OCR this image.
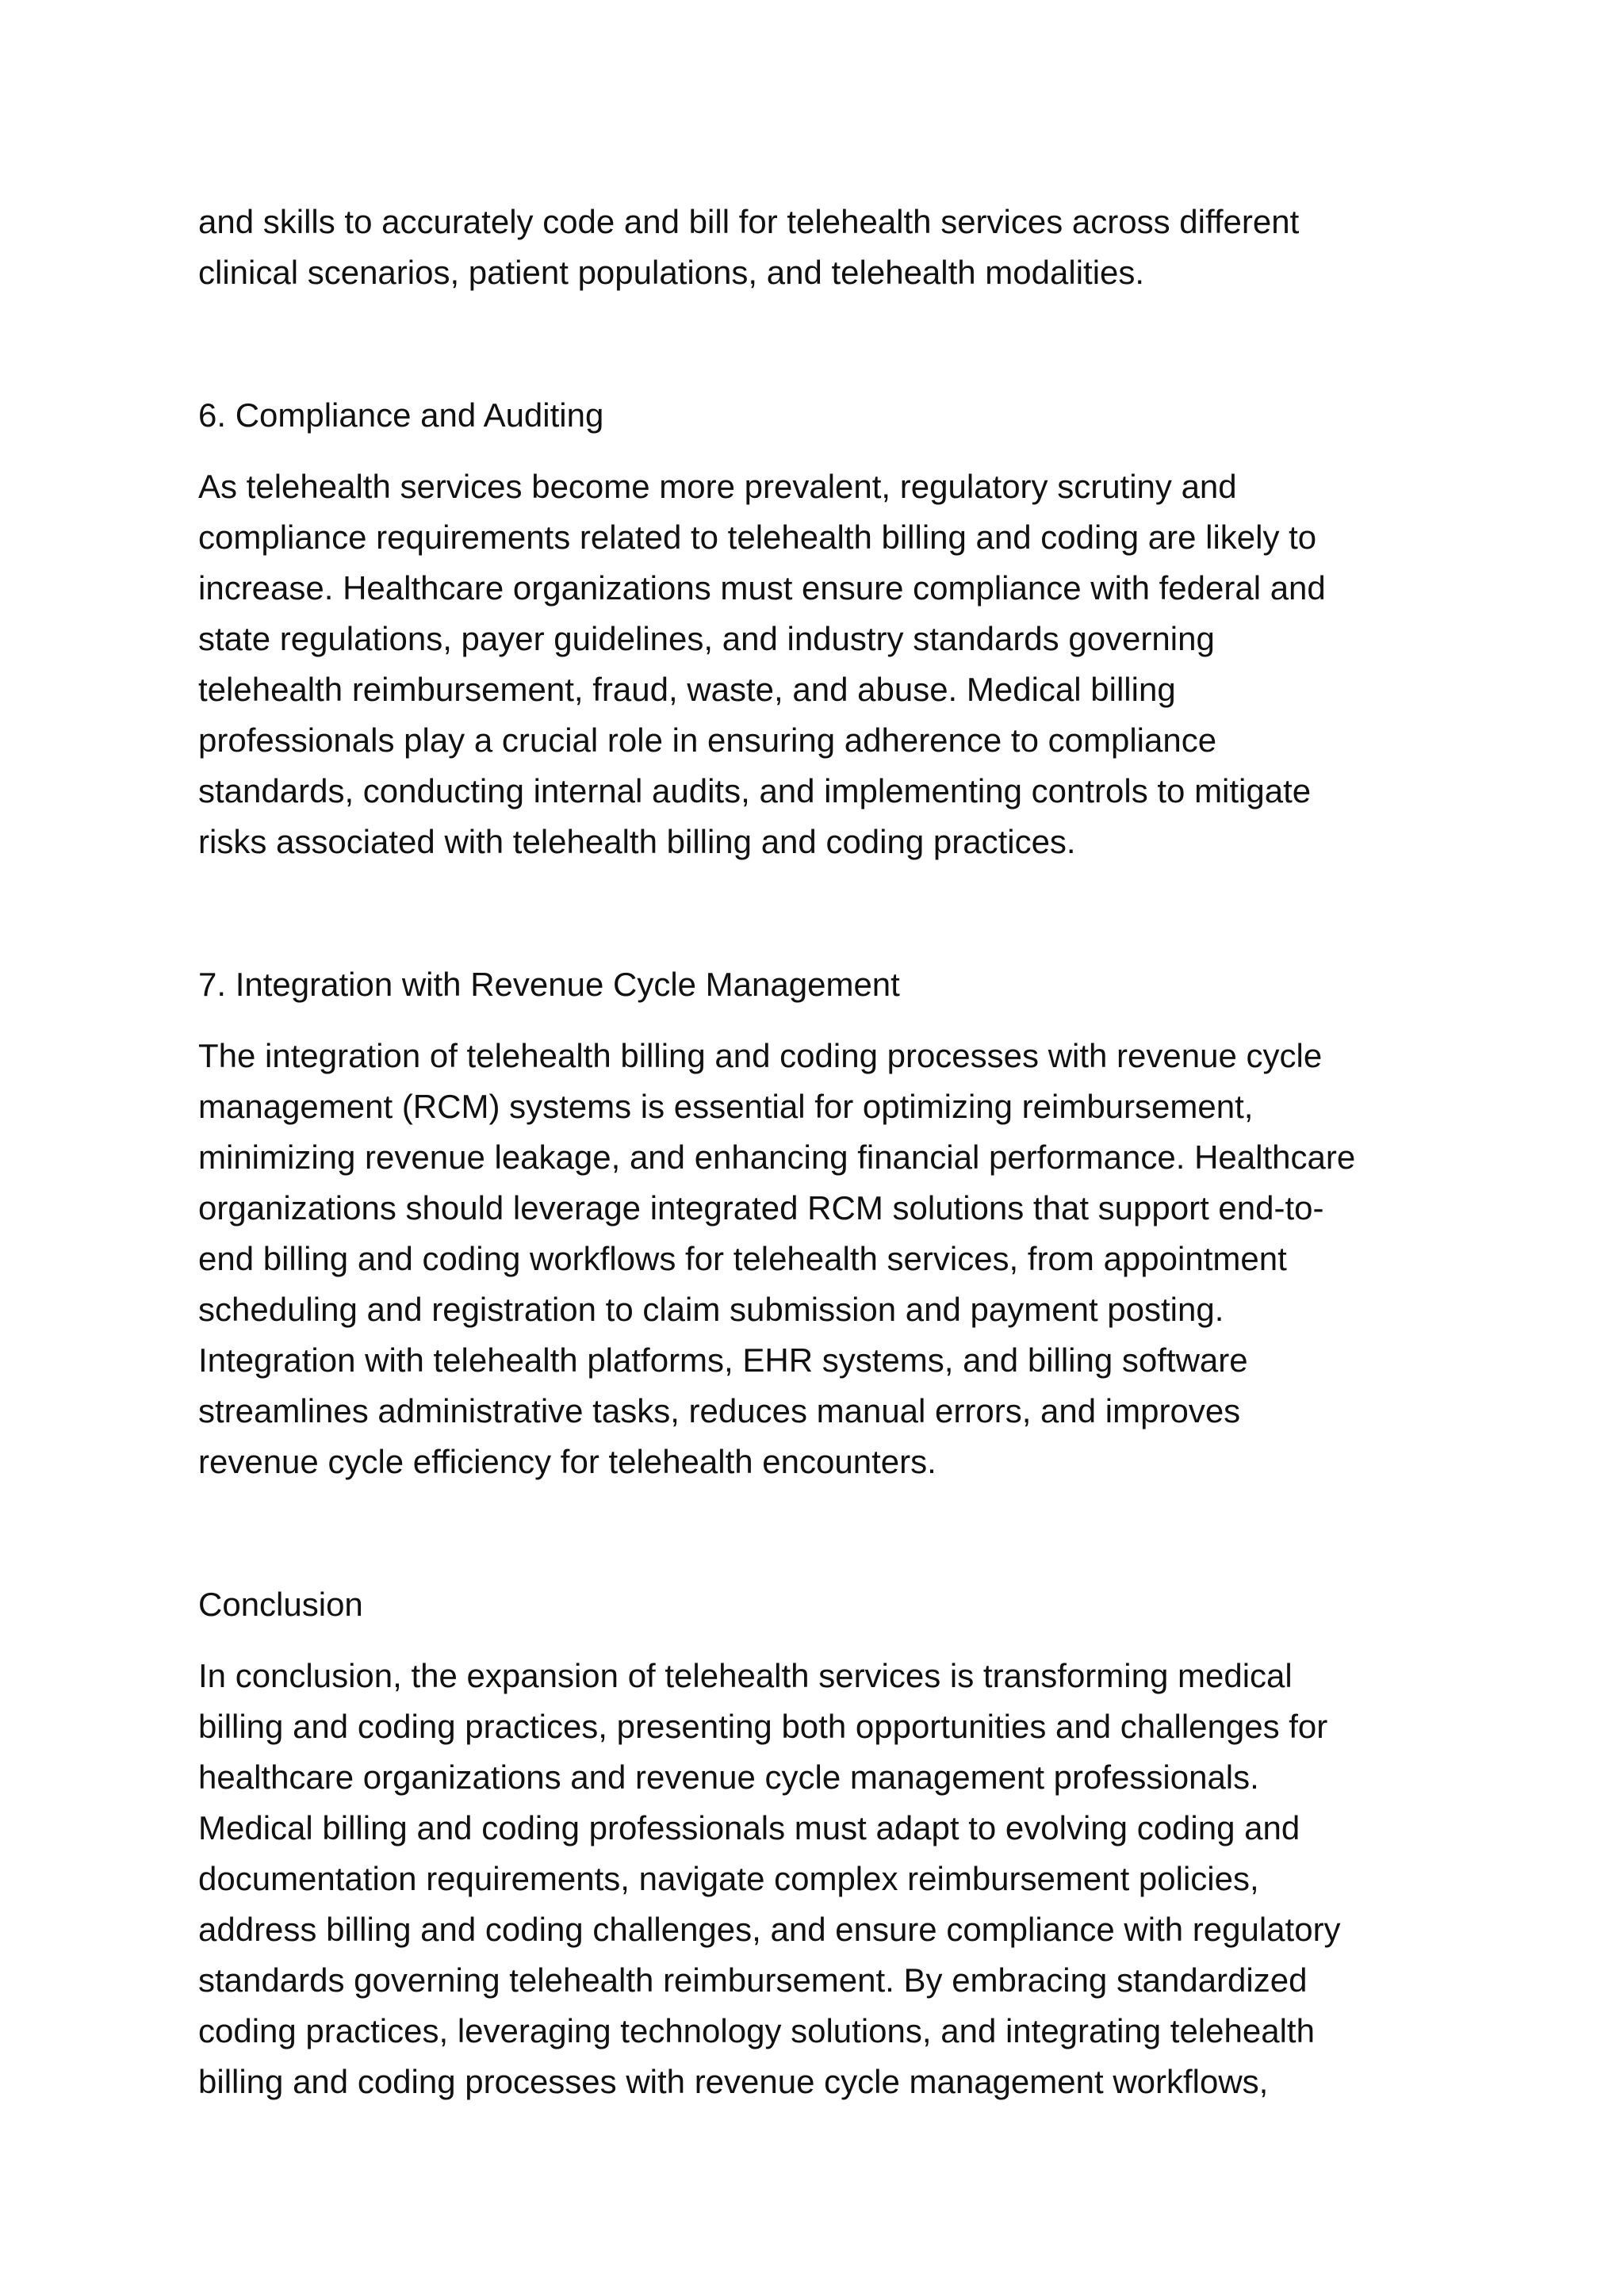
and skills to accurately code and bill for telehealth services across different
clinical scenarios, patient populations, and telehealth modalities.

6. Compliance and Auditing

As telehealth services become more prevalent, regulatory scrutiny and
compliance requirements related to telehealth billing and coding are likely to
increase. Healthcare organizations must ensure compliance with federal and
state regulations, payer guidelines, and industry standards governing
telehealth reimbursement, fraud, waste, and abuse. Medical billing
professionals play a crucial role in ensuring adherence to compliance
standards, conducting internal audits, and implementing controls to mitigate
risks associated with telehealth billing and coding practices.

7. Integration with Revenue Cycle Management

The integration of telehealth billing and coding processes with revenue cycle
management (RCM) systems is essential for optimizing reimbursement,
minimizing revenue leakage, and enhancing financial performance. Healthcare
organizations should leverage integrated RCM solutions that support end-to-
end billing and coding workflows for telehealth services, from appointment
scheduling and registration to claim submission and payment posting.
Integration with telehealth platforms, EHR systems, and billing software
streamlines administrative tasks, reduces manual errors, and improves
revenue cycle efficiency for telehealth encounters.

Conclusion

In conclusion, the expansion of telehealth services is transforming medical
billing and coding practices, presenting both opportunities and challenges for
healthcare organizations and revenue cycle management professionals.
Medical billing and coding professionals must adapt to evolving coding and
documentation requirements, navigate complex reimbursement policies,
address billing and coding challenges, and ensure compliance with regulatory
standards governing telehealth reimbursement. By embracing standardized
coding practices, leveraging technology solutions, and integrating telehealth
billing and coding processes with revenue cycle management workflows,
